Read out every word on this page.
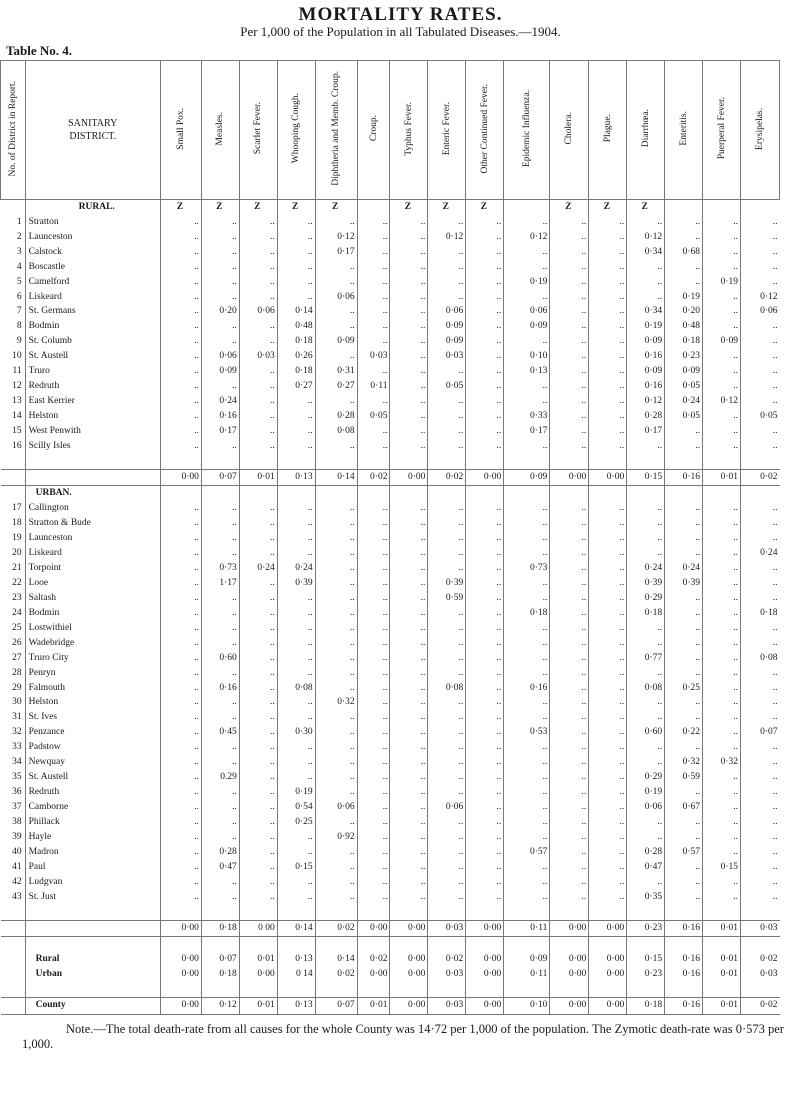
MORTALITY RATES.
Per 1,000 of the Population in all Tabulated Diseases.—1904.
Table No. 4.
No. of District in Report.	SANITARY
DISTRICT.	Small Pox.	Measles.	Scarlet Fever.	Whooping Cough.	Diphtheria and Memb. Croup.	Croup.	Typhus Fever.	Enteric Fever.	Other Continued Fever.	Epidemic Influenza.	Cholera.	Plague.	Diarrhœa.	Enteritis.	Puerperal Fever.	Erysipelas.
	RURAL.	Z	Z	Z	Z	Z		Z	Z	Z		Z	Z	Z			
1	Stratton	..	..	..	..	..	..	..	..	..	..	..	..	..	..	..	..
2	Launceston	..	..	..	..	0·12	..	..	0·12	..	0·12	..	..	0·12	..	..	..
3	Calstock	..	..	..	..	0·17	..	..	..	..	..	..	..	0·34	0·68	..	..
4	Boscastle	..	..	..	..	..	..	..	..	..	..	..	..	..	..	..	..
5	Camelford	..	..	..	..	..	..	..	..	..	0·19	..	..	..	..	0·19	..
6	Liskeard	..	..	..	..	0·06	..	..	..	..	..	..	..	..	0·19	..	0·12
7	St. Germans	..	0·20	0·06	0·14	..	..	..	0·06	..	0·06	..	..	0·34	0·20	..	0·06
8	Bodmin	..	..	..	0·48	..	..	..	0·09	..	0·09	..	..	0·19	0·48	..	..
9	St. Columb	..	..	..	0·18	0·09	..	..	0·09	..	..	..	..	0·09	0·18	0·09	..
10	St. Austell	..	0·06	0·03	0·26	..	0·03	..	0·03	..	0·10	..	..	0·16	0·23	..	..
11	Truro	..	0·09	..	0·18	0·31	..	..	..	..	0·13	..	..	0·09	0·09	..	..
12	Redruth	..	..	..	0·27	0·27	0·11	..	0·05	..	..	..	..	0·16	0·05	..	..
13	East Kerrier	..	0·24	..	..	..	..	..	..	..	..	..	..	0·12	0·24	0·12	..
14	Helston	..	0·16	..	..	0·28	0·05	..	..	..	0·33	..	..	0·28	0·05	..	0·05
15	West Penwith	..	0·17	..	..	0·08	..	..	..	..	0·17	..	..	0·17	..	..	..
16	Scilly Isles	..	..	..	..	..	..	..	..	..	..	..	..	..	..	..	..

		0·00	0·07	0·01	0·13	0·14	0·02	0·00	0·02	0·00	0·09	0·00	0·00	0·15	0·16	0·01	0·02
	URBAN.																
17	Callington	..	..	..	..	..	..	..	..	..	..	..	..	..	..	..	..
18	Stratton & Bude	..	..	..	..	..	..	..	..	..	..	..	..	..	..	..	..
19	Launceston	..	..	..	..	..	..	..	..	..	..	..	..	..	..	..	..
20	Liskeard	..	..	..	..	..	..	..	..	..	..	..	..	..	..	..	0·24
21	Torpoint	..	0·73	0·24	0·24	..	..	..	..	..	0·73	..	..	0·24	0·24	..	..
22	Looe	..	1·17	..	0·39	..	..	..	0·39	..	..	..	..	0·39	0·39	..	..
23	Saltash	..	..	..	..	..	..	..	0·59	..	..	..	..	0·29	..	..	..
24	Bodmin	..	..	..	..	..	..	..	..	..	0·18	..	..	0·18	..	..	0·18
25	Lostwithiel	..	..	..	..	..	..	..	..	..	..	..	..	..	..	..	..
26	Wadebridge	..	..	..	..	..	..	..	..	..	..	..	..	..	..	..	..
27	Truro City	..	0·60	..	..	..	..	..	..	..	..	..	..	0·77	..	..	0·08
28	Penryn	..	..	..	..	..	..	..	..	..	..	..	..	..	..	..	..
29	Falmouth	..	0·16	..	0·08	..	..	..	0·08	..	0·16	..	..	0·08	0·25	..	..
30	Helston	..	..	..	..	0·32	..	..	..	..	..	..	..	..	..	..	..
31	St. Ives	..	..	..	..	..	..	..	..	..	..	..	..	..	..	..	..
32	Penzance	..	0·45	..	0·30	..	..	..	..	..	0·53	..	..	0·60	0·22	..	0·07
33	Padstow	..	..	..	..	..	..	..	..	..	..	..	..	..	..	..	..
34	Newquay	..	..	..	..	..	..	..	..	..	..	..	..	..	0·32	0·32	..
35	St. Austell	..	0.29	..	..	..	..	..	..	..	..	..	..	0·29	0·59	..	..
36	Redruth	..	..	..	0·19	..	..	..	..	..	..	..	..	0·19	..	..	..
37	Camborne	..	..	..	0·54	0·06	..	..	0·06	..	..	..	..	0·06	0·67	..	..
38	Phillack	..	..	..	0·25	..	..	..	..	..	..	..	..	..	..	..	..
39	Hayle	..	..	..	..	0·92	..	..	..	..	..	..	..	..	..	..	..
40	Madron	..	0·28	..	..	..	..	..	..	..	0·57	..	..	0·28	0·57	..	..
41	Paul	..	0·47	..	0·15	..	..	..	..	..	..	..	..	0·47	..	0·15	..
42	Ludgvan	..	..	..	..	..	..	..	..	..	..	..	..	..	..	..	..
43	St. Just	..	..	..	..	..	..	..	..	..	..	..	..	0·35	..	..	..

		0·00	0·18	0 00	0·14	0·02	0·00	0·00	0·03	0·00	0·11	0·00	0·00	0·23	0·16	0·01	0·03

	Rural	0·00	0·07	0·01	0·13	0·14	0·02	0·00	0·02	0·00	0·09	0·00	0·00	0·15	0·16	0·01	0·02
	Urban	0·00	0·18	0·00	0 14	0·02	0·00	0·00	0·03	0·00	0·11	0·00	0·00	0·23	0·16	0·01	0·03

	County	0·00	0·12	0·01	0·13	0·07	0·01	0·00	0·03	0·00	0·10	0·00	0·00	0·18	0·16	0·01	0·02
Note.—The total death-rate from all causes for the whole County was 14·72 per 1,000 of the population. The Zymotic death-rate was 0·573 per 1,000.
